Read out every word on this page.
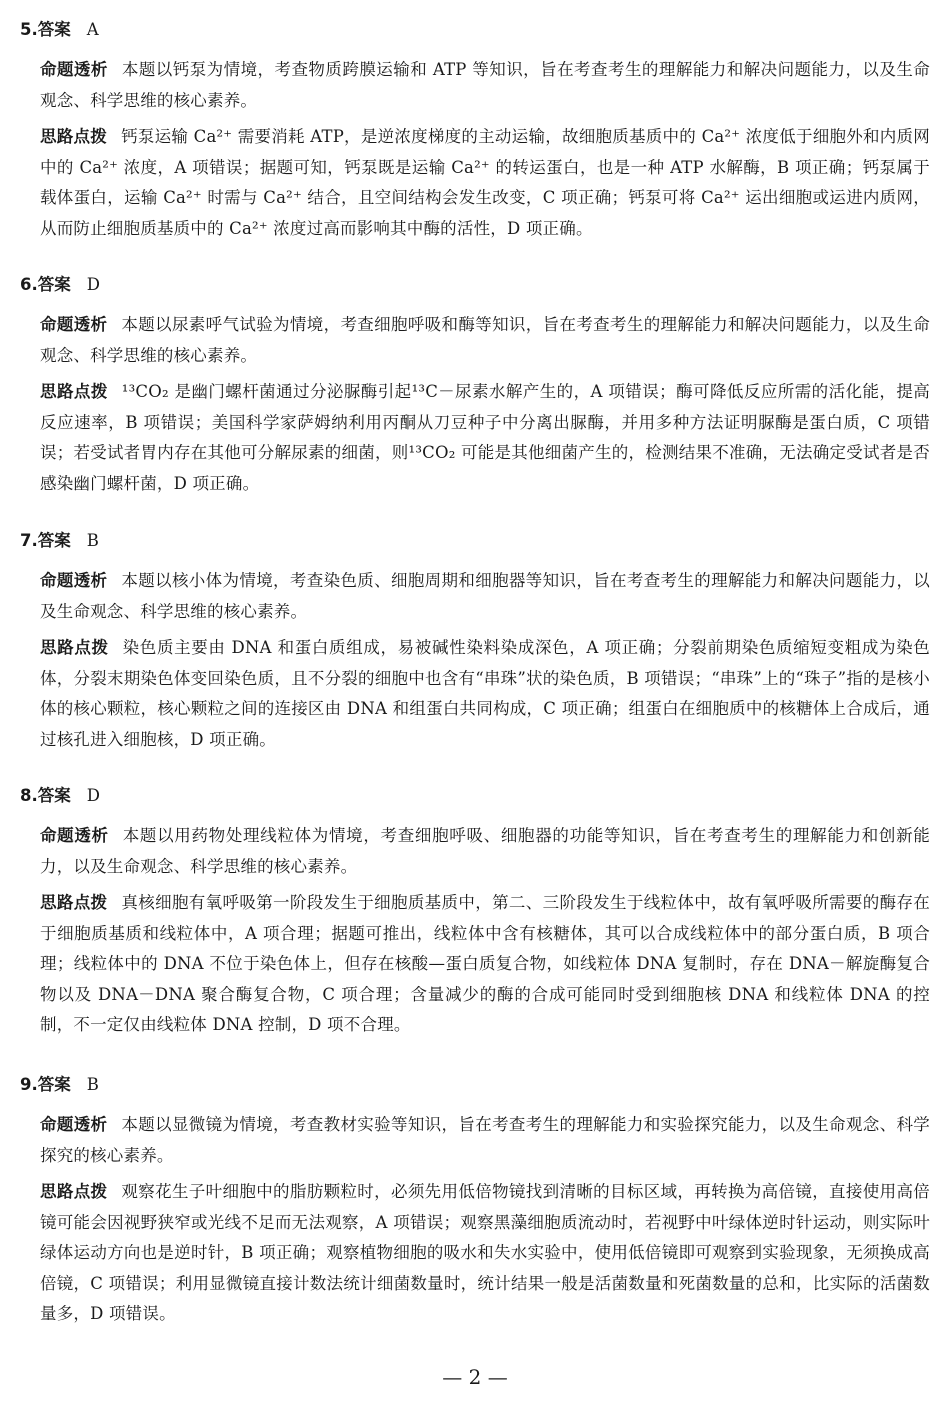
5.答案 A
命题透析 本题以钙泵为情境，考查物质跨膜运输和 ATP 等知识，旨在考查考生的理解能力和解决问题能力，以及生命观念、科学思维的核心素养。
思路点拨 钙泵运输 Ca²⁺ 需要消耗 ATP，是逆浓度梯度的主动运输，故细胞质基质中的 Ca²⁺ 浓度低于细胞外和内质网中的 Ca²⁺ 浓度，A 项错误；据题可知，钙泵既是运输 Ca²⁺ 的转运蛋白，也是一种 ATP 水解酶，B 项正确；钙泵属于载体蛋白，运输 Ca²⁺ 时需与 Ca²⁺ 结合，且空间结构会发生改变，C 项正确；钙泵可将 Ca²⁺ 运出细胞或运进内质网，从而防止细胞质基质中的 Ca²⁺ 浓度过高而影响其中酶的活性，D 项正确。
6.答案 D
命题透析 本题以尿素呼气试验为情境，考查细胞呼吸和酶等知识，旨在考查考生的理解能力和解决问题能力，以及生命观念、科学思维的核心素养。
思路点拨 ¹³CO₂ 是幽门螺杆菌通过分泌脲酶引起¹³C－尿素水解产生的，A 项错误；酶可降低反应所需的活化能，提高反应速率，B 项错误；美国科学家萨姆纳利用丙酮从刀豆种子中分离出脲酶，并用多种方法证明脲酶是蛋白质，C 项错误；若受试者胃内存在其他可分解尿素的细菌，则¹³CO₂ 可能是其他细菌产生的，检测结果不准确，无法确定受试者是否感染幽门螺杆菌，D 项正确。
7.答案 B
命题透析 本题以核小体为情境，考查染色质、细胞周期和细胞器等知识，旨在考查考生的理解能力和解决问题能力，以及生命观念、科学思维的核心素养。
思路点拨 染色质主要由 DNA 和蛋白质组成，易被碱性染料染成深色，A 项正确；分裂前期染色质缩短变粗成为染色体，分裂末期染色体变回染色质，且不分裂的细胞中也含有“串珠”状的染色质，B 项错误；“串珠”上的“珠子”指的是核小体的核心颗粒，核心颗粒之间的连接区由 DNA 和组蛋白共同构成，C 项正确；组蛋白在细胞质中的核糖体上合成后，通过核孔进入细胞核，D 项正确。
8.答案 D
命题透析 本题以用药物处理线粒体为情境，考查细胞呼吸、细胞器的功能等知识，旨在考查考生的理解能力和创新能力，以及生命观念、科学思维的核心素养。
思路点拨 真核细胞有氧呼吸第一阶段发生于细胞质基质中，第二、三阶段发生于线粒体中，故有氧呼吸所需要的酶存在于细胞质基质和线粒体中，A 项合理；据题可推出，线粒体中含有核糖体，其可以合成线粒体中的部分蛋白质，B 项合理；线粒体中的 DNA 不位于染色体上，但存在核酸—蛋白质复合物，如线粒体 DNA 复制时，存在 DNA－解旋酶复合物以及 DNA－DNA 聚合酶复合物，C 项合理；含量减少的酶的合成可能同时受到细胞核 DNA 和线粒体 DNA 的控制，不一定仅由线粒体 DNA 控制，D 项不合理。
9.答案 B
命题透析 本题以显微镜为情境，考查教材实验等知识，旨在考查考生的理解能力和实验探究能力，以及生命观念、科学探究的核心素养。
思路点拨 观察花生子叶细胞中的脂肪颗粒时，必须先用低倍物镜找到清晰的目标区域，再转换为高倍镜，直接使用高倍镜可能会因视野狭窄或光线不足而无法观察，A 项错误；观察黑藻细胞质流动时，若视野中叶绿体逆时针运动，则实际叶绿体运动方向也是逆时针，B 项正确；观察植物细胞的吸水和失水实验中，使用低倍镜即可观察到实验现象，无须换成高倍镜，C 项错误；利用显微镜直接计数法统计细菌数量时，统计结果一般是活菌数量和死菌数量的总和，比实际的活菌数量多，D 项错误。
— 2 —
